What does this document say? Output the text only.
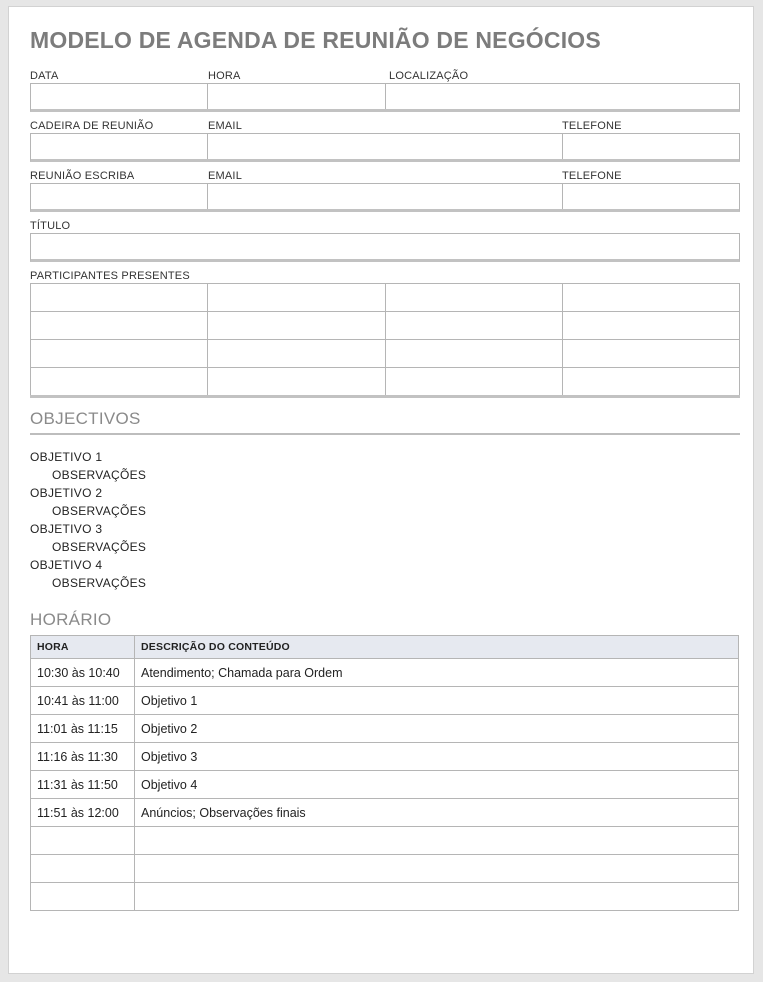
MODELO DE AGENDA DE REUNIÃO DE NEGÓCIOS
DATA	HORA	LOCALIZAÇÃO
CADEIRA DE REUNIÃO	EMAIL	TELEFONE
REUNIÃO ESCRIBA	EMAIL	TELEFONE
TÍTULO
PARTICIPANTES PRESENTES

OBJECTIVOS
OBJETIVO 1
OBSERVAÇÕES
OBJETIVO 2
OBSERVAÇÕES
OBJETIVO 3
OBSERVAÇÕES
OBJETIVO 4
OBSERVAÇÕES
HORÁRIO
HORA	DESCRIÇÃO DO CONTEÚDO
10:30 às 10:40	Atendimento; Chamada para Ordem
10:41 às 11:00	Objetivo 1
11:01 às 11:15	Objetivo 2
11:16 às 11:30	Objetivo 3
11:31 às 11:50	Objetivo 4
11:51 às 12:00	Anúncios; Observações finais
